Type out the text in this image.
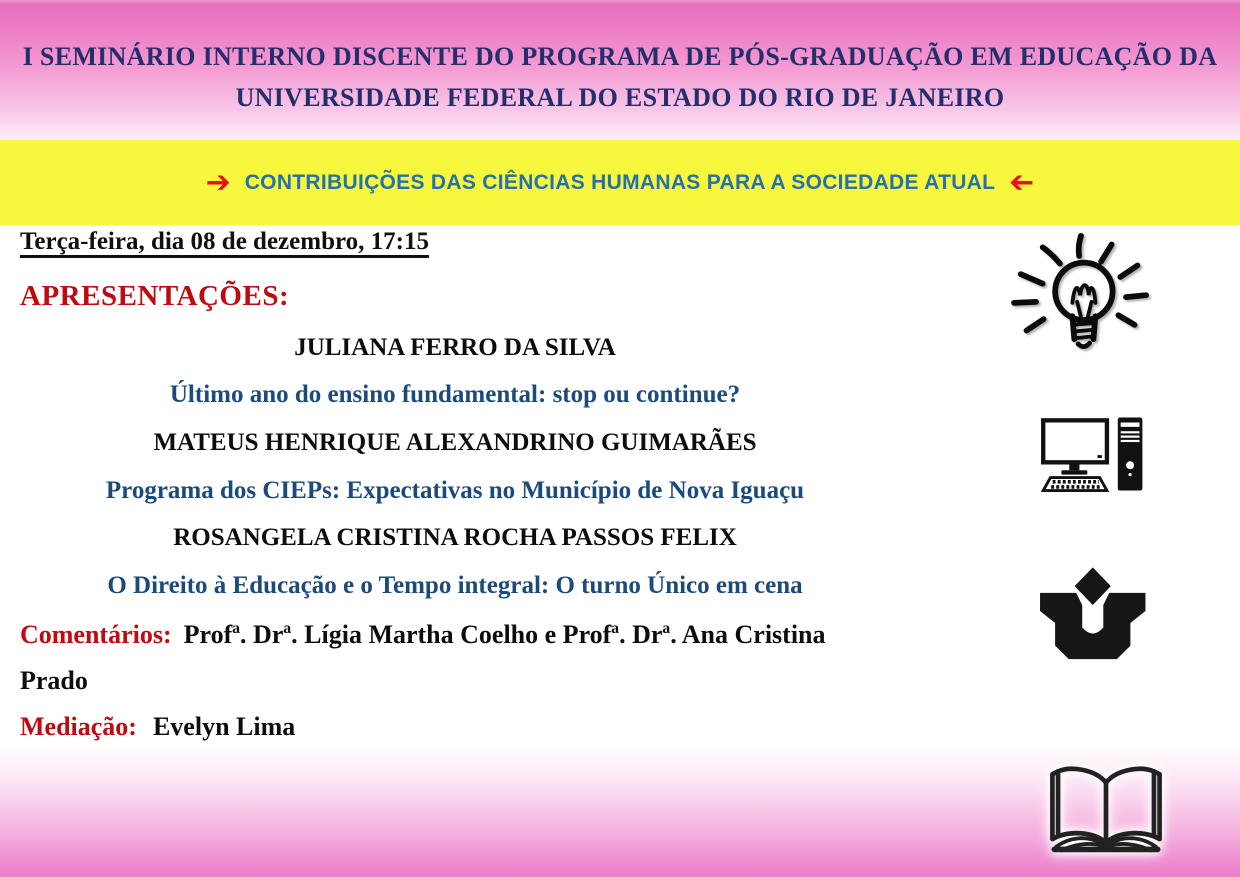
I SEMINÁRIO INTERNO DISCENTE DO PROGRAMA DE PÓS-GRADUAÇÃO EM EDUCAÇÃO DA
UNIVERSIDADE FEDERAL DO ESTADO DO RIO DE JANEIRO
➔ CONTRIBUIÇÕES DAS CIÊNCIAS HUMANAS PARA A SOCIEDADE ATUAL ➔
Terça-feira, dia 08 de dezembro, 17:15
APRESENTAÇÕES:
JULIANA FERRO DA SILVA
Último ano do ensino fundamental: stop ou continue?
MATEUS HENRIQUE ALEXANDRINO GUIMARÃES
Programa dos CIEPs: Expectativas no Município de Nova Iguaçu
ROSANGELA CRISTINA ROCHA PASSOS FELIX
O Direito à Educação e o Tempo integral: O turno Único em cena
Comentários: Profª. Drª. Lígia Martha Coelho e Profª. Drª. Ana Cristina
Prado
Mediação: Evelyn Lima
